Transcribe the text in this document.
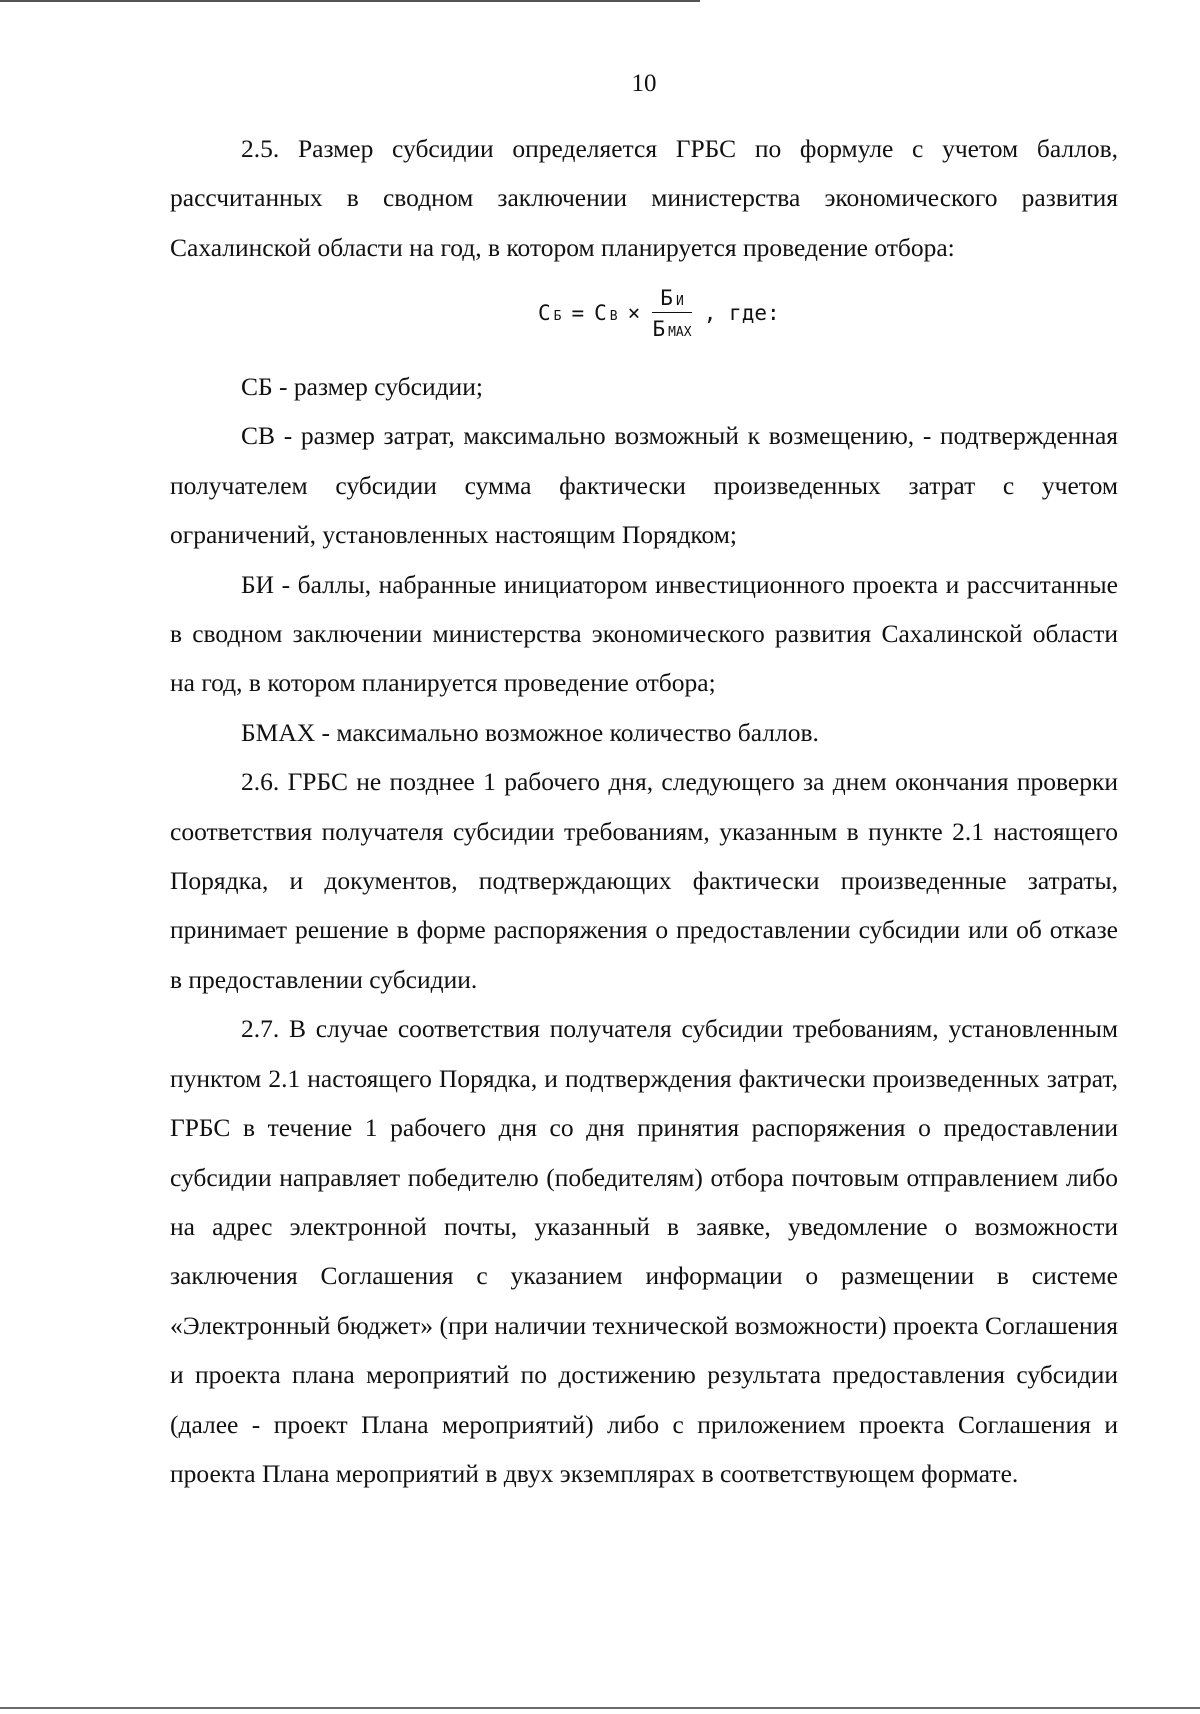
10

2.5. Размер субсидии определяется ГРБС по формуле с учетом баллов, рассчитанных в сводном заключении министерства экономического развития Сахалинской области на год, в котором планируется проведение отбора:

С Б = С $В \times \frac{\text{Б И}}{\text{Б МАХ}}$ , где:

СБ - размер субсидии;

СВ - размер затрат, максимально возможный к возмещению, - подтвержденная получателем субсидии сумма фактически произведенных затрат с учетом ограничений, установленных настоящим Порядком;

БИ - баллы, набранные инициатором инвестиционного проекта и рассчитанные в сводном заключении министерства экономического развития Сахалинской области на год, в котором планируется проведение отбора;

БМАХ - максимально возможное количество баллов.

2.6. ГРБС не позднее 1 рабочего дня, следующего за днем окончания проверки соответствия получателя субсидии требованиям, указанным в пункте 2.1 настоящего Порядка, и документов, подтверждающих фактически произведенные затраты, принимает решение в форме распоряжения о предоставлении субсидии или об отказе в предоставлении субсидии.

2.7. В случае соответствия получателя субсидии требованиям, установленным пунктом 2.1 настоящего Порядка, и подтверждения фактически произведенных затрат, ГРБС в течение 1 рабочего дня со дня принятия распоряжения о предоставлении субсидии направляет победителю (победителям) отбора почтовым отправлением либо на адрес электронной почты, указанный в заявке, уведомление о возможности заключения Соглашения с указанием информации о размещении в системе «Электронный бюджет» (при наличии технической возможности) проекта Соглашения и проекта плана мероприятий по достижению результата предоставления субсидии (далее - проект Плана мероприятий) либо с приложением проекта Соглашения и проекта Плана мероприятий в двух экземплярах в соответствующем формате.
